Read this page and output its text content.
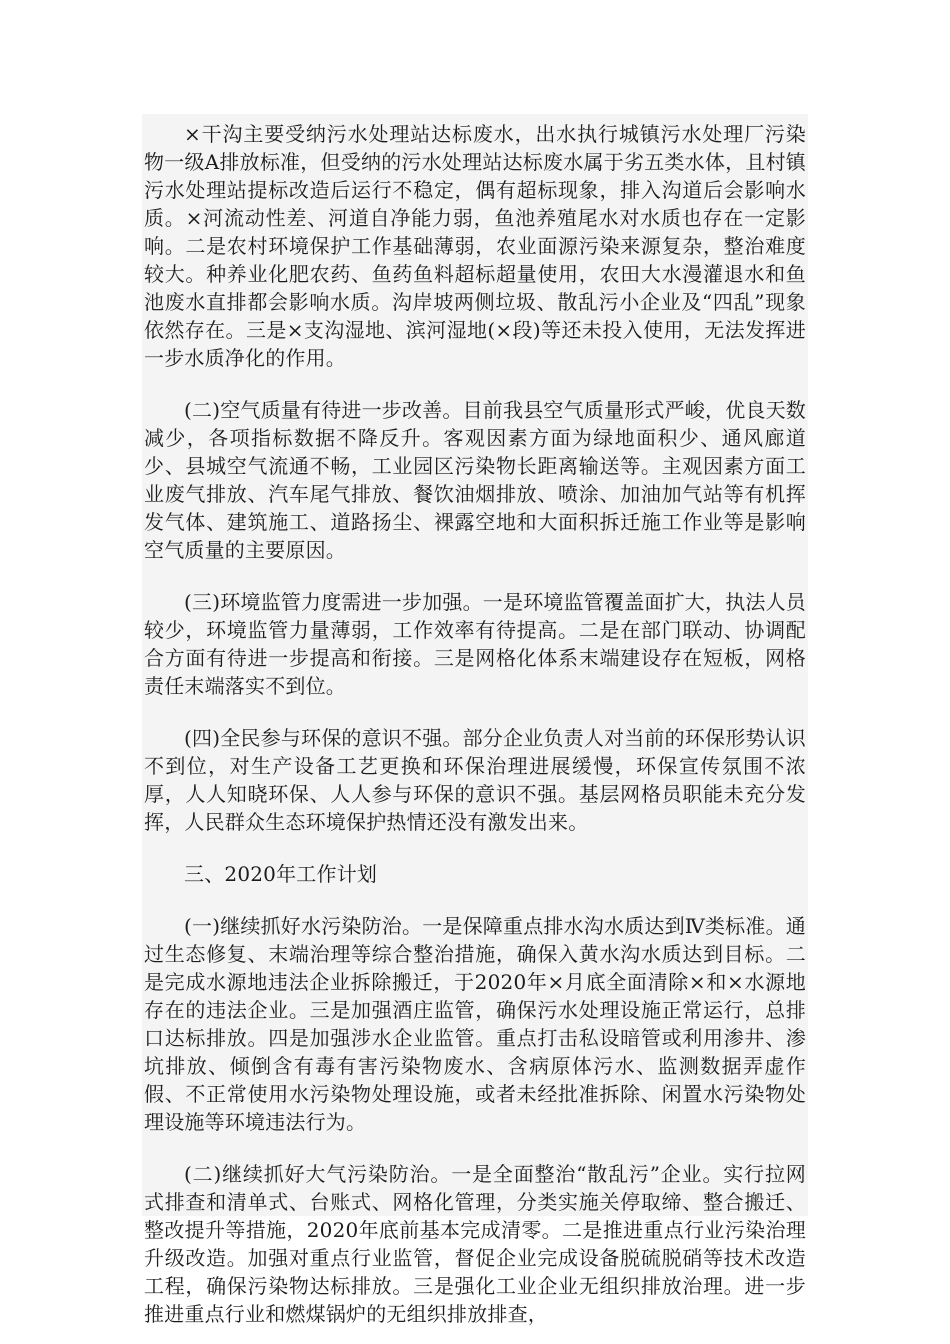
×干沟主要受纳污水处理站达标废水，出水执行城镇污水处理厂污染物一级A排放标准，但受纳的污水处理站达标废水属于劣五类水体，且村镇污水处理站提标改造后运行不稳定，偶有超标现象，排入沟道后会影响水质。×河流动性差、河道自净能力弱，鱼池养殖尾水对水质也存在一定影响。二是农村环境保护工作基础薄弱，农业面源污染来源复杂，整治难度较大。种养业化肥农药、鱼药鱼料超标超量使用，农田大水漫灌退水和鱼池废水直排都会影响水质。沟岸坡两侧垃圾、散乱污小企业及“四乱”现象依然存在。三是×支沟湿地、滨河湿地(×段)等还未投入使用，无法发挥进一步水质净化的作用。

(二)空气质量有待进一步改善。目前我县空气质量形式严峻，优良天数减少，各项指标数据不降反升。客观因素方面为绿地面积少、通风廊道少、县城空气流通不畅，工业园区污染物长距离输送等。主观因素方面工业废气排放、汽车尾气排放、餐饮油烟排放、喷涂、加油加气站等有机挥发气体、建筑施工、道路扬尘、裸露空地和大面积拆迁施工作业等是影响空气质量的主要原因。

(三)环境监管力度需进一步加强。一是环境监管覆盖面扩大，执法人员较少，环境监管力量薄弱，工作效率有待提高。二是在部门联动、协调配合方面有待进一步提高和衔接。三是网格化体系末端建设存在短板，网格责任末端落实不到位。

(四)全民参与环保的意识不强。部分企业负责人对当前的环保形势认识不到位，对生产设备工艺更换和环保治理进展缓慢，环保宣传氛围不浓厚，人人知晓环保、人人参与环保的意识不强。基层网格员职能未充分发挥，人民群众生态环境保护热情还没有激发出来。

三、2020年工作计划

(一)继续抓好水污染防治。一是保障重点排水沟水质达到Ⅳ类标准。通过生态修复、末端治理等综合整治措施，确保入黄水沟水质达到目标。二是完成水源地违法企业拆除搬迁，于2020年×月底全面清除×和×水源地存在的违法企业。三是加强酒庄监管，确保污水处理设施正常运行，总排口达标排放。四是加强涉水企业监管。重点打击私设暗管或利用渗井、渗坑排放、倾倒含有毒有害污染物废水、含病原体污水、监测数据弄虚作假、不正常使用水污染物处理设施，或者未经批准拆除、闲置水污染物处理设施等环境违法行为。

(二)继续抓好大气污染防治。一是全面整治“散乱污”企业。实行拉网式排查和清单式、台账式、网格化管理，分类实施关停取缔、整合搬迁、整改提升等措施，2020年底前基本完成清零。二是推进重点行业污染治理升级改造。加强对重点行业监管，督促企业完成设备脱硫脱硝等技术改造工程，确保污染物达标排放。三是强化工业企业无组织排放治理。进一步推进重点行业和燃煤锅炉的无组织排放排查，
